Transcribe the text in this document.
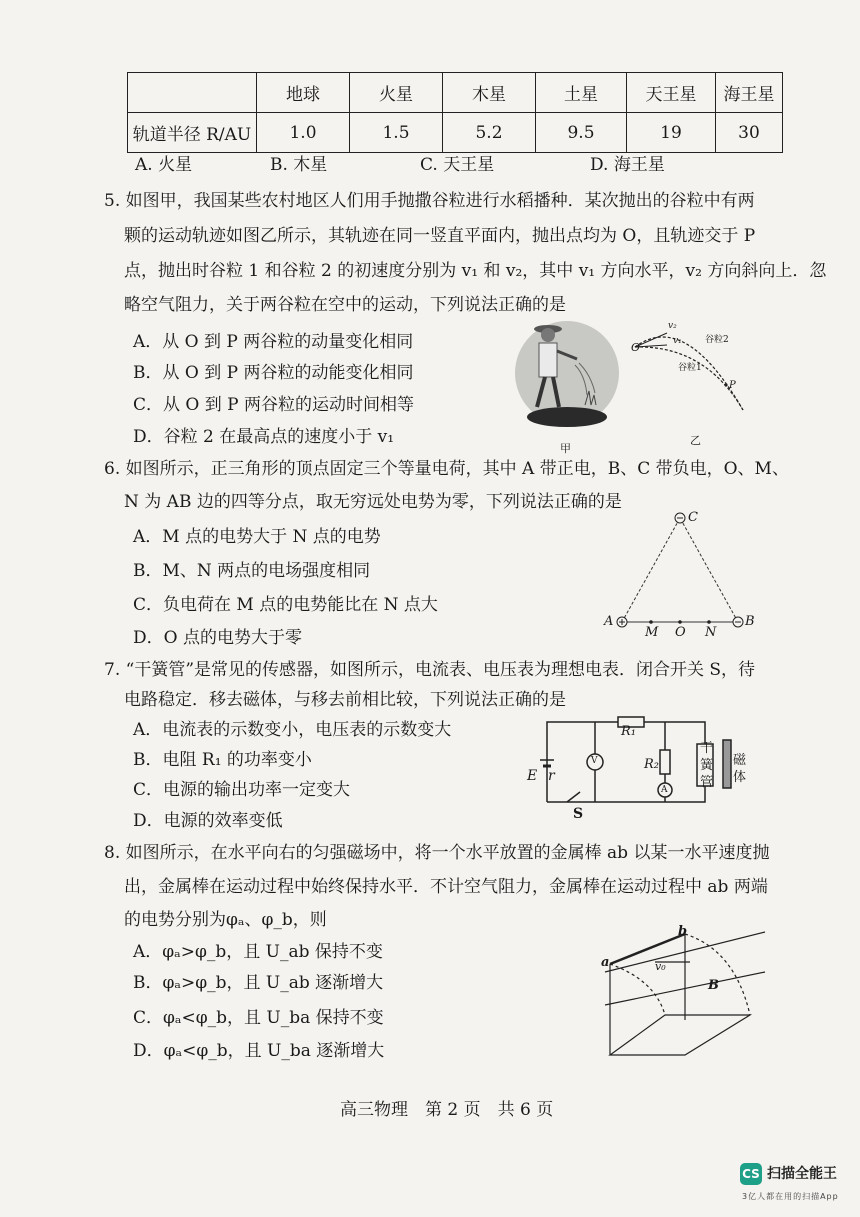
	地球	火星	木星	土星	天王星	海王星
轨道半径 R/AU	1.0	1.5	5.2	9.5	19	30
A. 火星	B. 木星	C. 天王星	D. 海王星
5. 如图甲，我国某些农村地区人们用手抛撒谷粒进行水稻播种．某次抛出的谷粒中有两
颗的运动轨迹如图乙所示，其轨迹在同一竖直平面内，抛出点均为 O，且轨迹交于 P
点，抛出时谷粒 1 和谷粒 2 的初速度分别为 v₁ 和 v₂，其中 v₁ 方向水平，v₂ 方向斜向上．忽
略空气阻力，关于两谷粒在空中的运动，下列说法正确的是
A．从 O 到 P 两谷粒的动量变化相同
B．从 O 到 P 两谷粒的动能变化相同
C．从 O 到 P 两谷粒的运动时间相等
D．谷粒 2 在最高点的速度小于 v₁
甲
O
v₂
v₁	谷粒2
谷粒1
P
乙
6. 如图所示，正三角形的顶点固定三个等量电荷，其中 A 带正电，B、C 带负电，O、M、
N 为 AB 边的四等分点，取无穷远处电势为零，下列说法正确的是
A．M 点的电势大于 N 点的电势
B．M、N 两点的电场强度相同
C．负电荷在 M 点的电势能比在 N 点大
D．O 点的电势大于零
C
A	B
M O N
7. “干簧管”是常见的传感器，如图所示，电流表、电压表为理想电表．闭合开关 S，待
电路稳定．移去磁体，与移去前相比较，下列说法正确的是
A．电流表的示数变小，电压表的示数变大
B．电阻 R₁ 的功率变小
C．电源的输出功率一定变大
D．电源的效率变低
R₁
R₂
V
A
E r
S
干簧管
磁体
8. 如图所示，在水平向右的匀强磁场中，将一个水平放置的金属棒 ab 以某一水平速度抛
出，金属棒在运动过程中始终保持水平．不计空气阻力，金属棒在运动过程中 ab 两端
的电势分别为φₐ、φ_b，则
A．φₐ>φ_b，且 U_ab 保持不变
B．φₐ>φ_b，且 U_ab 逐渐增大
C．φₐ<φ_b，且 U_ba 保持不变
D．φₐ<φ_b，且 U_ba 逐渐增大
a
b
v₀
B
高三物理　第 2 页　共 6 页
CS 扫描全能王
3亿人都在用的扫描App
